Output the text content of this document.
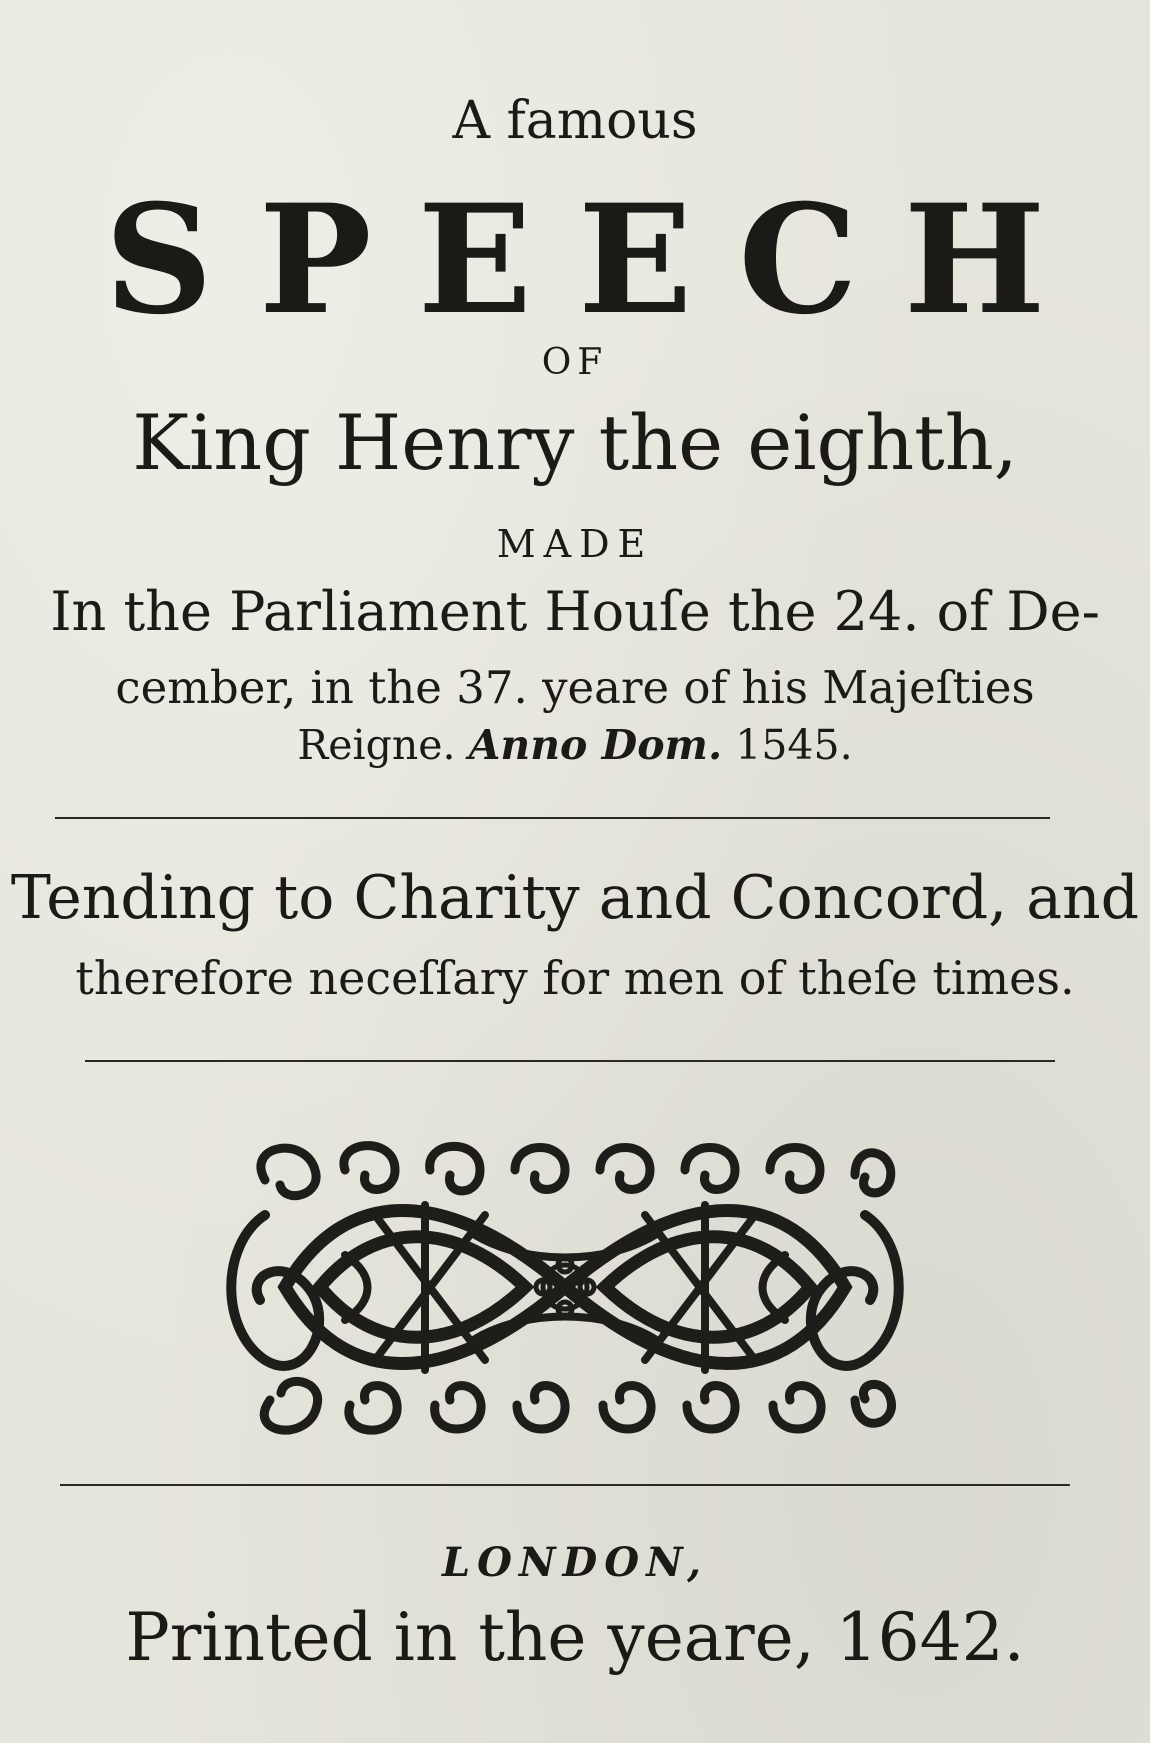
A famous
SPEECH
OF
King Henry the eighth,
MADE
In the Parliament Houſe the 24. of De-
cember, in the 37. yeare of his Majeſties
Reigne. Anno Dom. 1545.
Tending to Charity and Concord, and
therefore neceſſary for men of theſe times.
LONDON,
Printed in the yeare, 1642.
